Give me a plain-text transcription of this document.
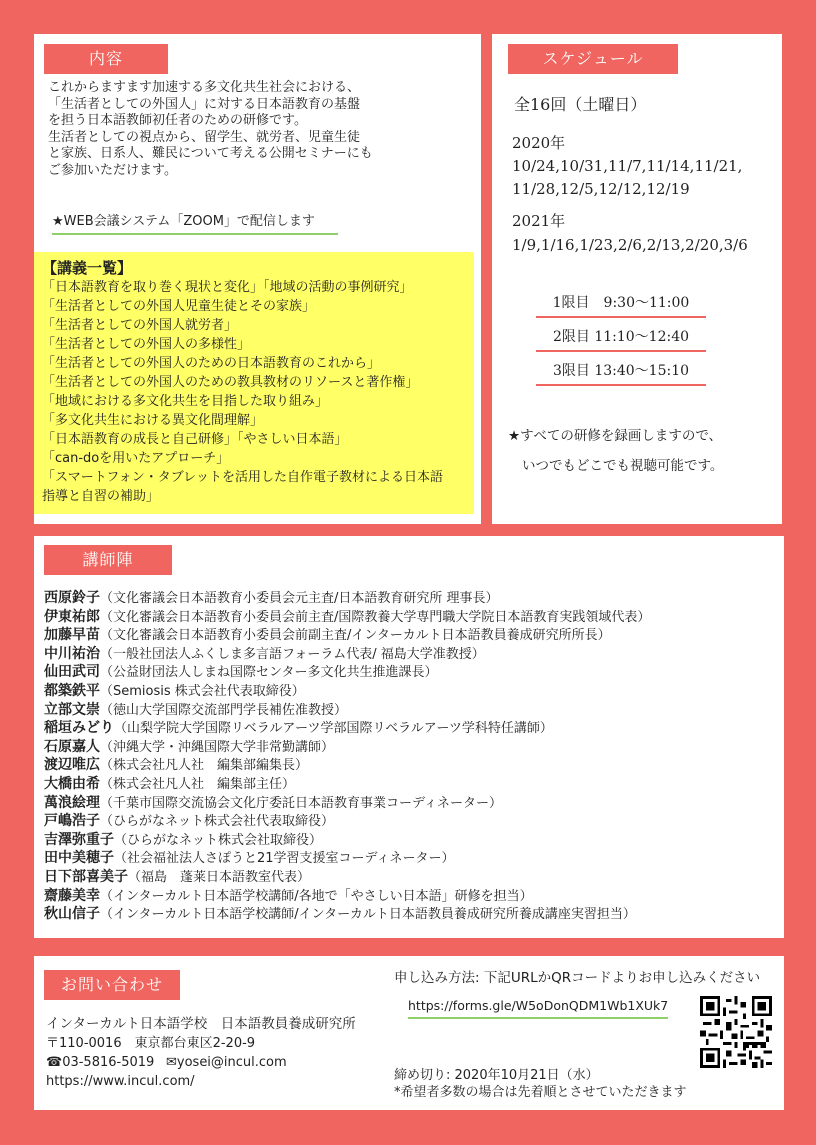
内容

これからますます加速する多文化共生社会における、

「生活者としての外国人」に対する日本語教育の基盤

を担う日本語教師初任者のための研修です。

生活者としての視点から、留学生、就労者、児童生徒

と家族、日系人、難民について考える公開セミナーにも

ご参加いただけます。

★WEB会議システム「ZOOM」で配信します

【講義一覧】
「日本語教育を取り巻く現状と変化」「地域の活動の事例研究」
「生活者としての外国人児童生徒とその家族」
「生活者としての外国人就労者」
「生活者としての外国人の多様性」
「生活者としての外国人のための日本語教育のこれから」
「生活者としての外国人のための教具教材のリソースと著作権」
「地域における多文化共生を目指した取り組み」
「多文化共生における異文化間理解」
「日本語教育の成長と自己研修」「やさしい日本語」
「can-doを用いたアプローチ」
「スマートフォン・タブレットを活用した自作電子教材による日本語
指導と自習の補助」
スケジュール
全16回（土曜日）
2020年
10/24,10/31,11/7,11/14,11/21,
11/28,12/5,12/12,12/19
2021年
1/9,1/16,1/23,2/6,2/13,2/20,3/6
1限目　9:30～11:00
2限目 11:10～12:40
3限目 13:40～15:10

★すべての研修を録画しますので、

いつでもどこでも視聴可能です。

講師陣
西原鈴子（文化審議会日本語教育小委員会元主査/日本語教育研究所 理事長）
伊東祐郎（文化審議会日本語教育小委員会前主査/国際教養大学専門職大学院日本語教育実践領域代表）
加藤早苗（文化審議会日本語教育小委員会前副主査/インターカルト日本語教員養成研究所所長）
中川祐治（一般社団法人ふくしま多言語フォーラム代表/ 福島大学准教授）
仙田武司（公益財団法人しまね国際センター多文化共生推進課長）
都築鉄平（Semiosis 株式会社代表取締役）
立部文崇（徳山大学国際交流部門学長補佐准教授）
稲垣みどり（山梨学院大学国際リベラルアーツ学部国際リベラルアーツ学科特任講師）
石原嘉人（沖縄大学・沖縄国際大学非常勤講師）
渡辺唯広（株式会社凡人社　編集部編集長）
大橋由希（株式会社凡人社　編集部主任）
萬浪絵理（千葉市国際交流協会文化庁委託日本語教育事業コーディネーター）
戸嶋浩子（ひらがなネット株式会社代表取締役）
吉澤弥重子（ひらがなネット株式会社取締役）
田中美穂子（社会福祉法人さぽうと21学習支援室コーディネーター）
日下部喜美子（福島　蓬莱日本語教室代表）
齋藤美幸（インターカルト日本語学校講師/各地で「やさしい日本語」研修を担当）
秋山信子（インターカルト日本語学校講師/インターカルト日本語教員養成研究所養成講座実習担当）
お問い合わせ

インターカルト日本語学校　日本語教員養成研究所

〒110-0016　東京都台東区2-20-9

☎03-5816-5019 ✉yosei@incul.com

https://www.incul.com/

申し込み方法: 下記URLかQRコードよりお申し込みください

https://forms.gle/W5oDonQDM1Wb1XUk7

締め切り: 2020年10月21日（水）

*希望者多数の場合は先着順とさせていただきます
